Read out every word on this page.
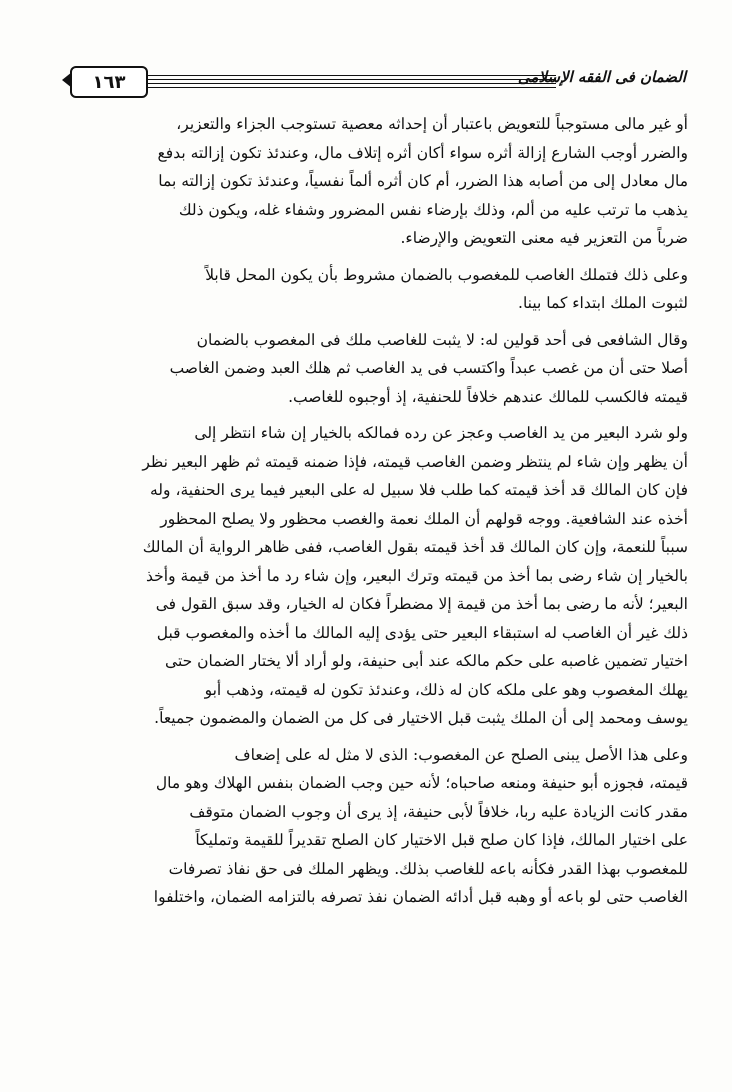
١٦٣	الضمان فى الفقه الإسلامى
أو غير مالى مستوجباً للتعويض باعتبار أن إحداثه معصية تستوجب الجزاء والتعزير،
والضرر أوجب الشارع إزالة أثره سواء أكان أثره إتلاف مال، وعندئذ تكون إزالته بدفع
مال معادل إلى من أصابه هذا الضرر، أم كان أثره ألماً نفسياً، وعندئذ تكون إزالته بما
يذهب ما ترتب عليه من ألم، وذلك بإرضاء نفس المضرور وشفاء غله، ويكون ذلك
ضرباً من التعزير فيه معنى التعويض والإرضاء.
وعلى ذلك فتملك الغاصب للمغصوب بالضمان مشروط بأن يكون المحل قابلاً
لثبوت الملك ابتداء كما بينا.
وقال الشافعى فى أحد قولين له: لا يثبت للغاصب ملك فى المغصوب بالضمان
أصلا حتى أن من غصب عبداً واكتسب فى يد الغاصب ثم هلك العبد وضمن الغاصب
قيمته فالكسب للمالك عندهم خلافاً للحنفية، إذ أوجبوه للغاصب.
ولو شرد البعير من يد الغاصب وعجز عن رده فمالكه بالخيار إن شاء انتظر إلى
أن يظهر وإن شاء لم ينتظر وضمن الغاصب قيمته، فإذا ضمنه قيمته ثم ظهر البعير نظر
فإن كان المالك قد أخذ قيمته كما طلب فلا سبيل له على البعير فيما يرى الحنفية، وله
أخذه عند الشافعية. ووجه قولهم أن الملك نعمة والغصب محظور ولا يصلح المحظور
سبباً للنعمة، وإن كان المالك قد أخذ قيمته بقول الغاصب، ففى ظاهر الرواية أن المالك
بالخيار إن شاء رضى بما أخذ من قيمته وترك البعير، وإن شاء رد ما أخذ من قيمة وأخذ
البعير؛ لأنه ما رضى بما أخذ من قيمة إلا مضطراً فكان له الخيار، وقد سبق القول فى
ذلك غير أن الغاصب له استبقاء البعير حتى يؤدى إليه المالك ما أخذه والمغصوب قبل
اختيار تضمين غاصبه على حكم مالكه عند أبى حنيفة، ولو أراد ألا يختار الضمان حتى
يهلك المغصوب وهو على ملكه كان له ذلك، وعندئذ تكون له قيمته، وذهب أبو
يوسف ومحمد إلى أن الملك يثبت قبل الاختيار فى كل من الضمان والمضمون جميعاً.
وعلى هذا الأصل يبنى الصلح عن المغصوب: الذى لا مثل له على إضعاف
قيمته، فجوزه أبو حنيفة ومنعه صاحباه؛ لأنه حين وجب الضمان بنفس الهلاك وهو مال
مقدر كانت الزيادة عليه ربا، خلافاً لأبى حنيفة، إذ يرى أن وجوب الضمان متوقف
على اختيار المالك، فإذا كان صلح قبل الاختيار كان الصلح تقديراً للقيمة وتمليكاً
للمغصوب بهذا القدر فكأنه باعه للغاصب بذلك. ويظهر الملك فى حق نفاذ تصرفات
الغاصب حتى لو باعه أو وهبه قبل أدائه الضمان نفذ تصرفه بالتزامه الضمان، واختلفوا
